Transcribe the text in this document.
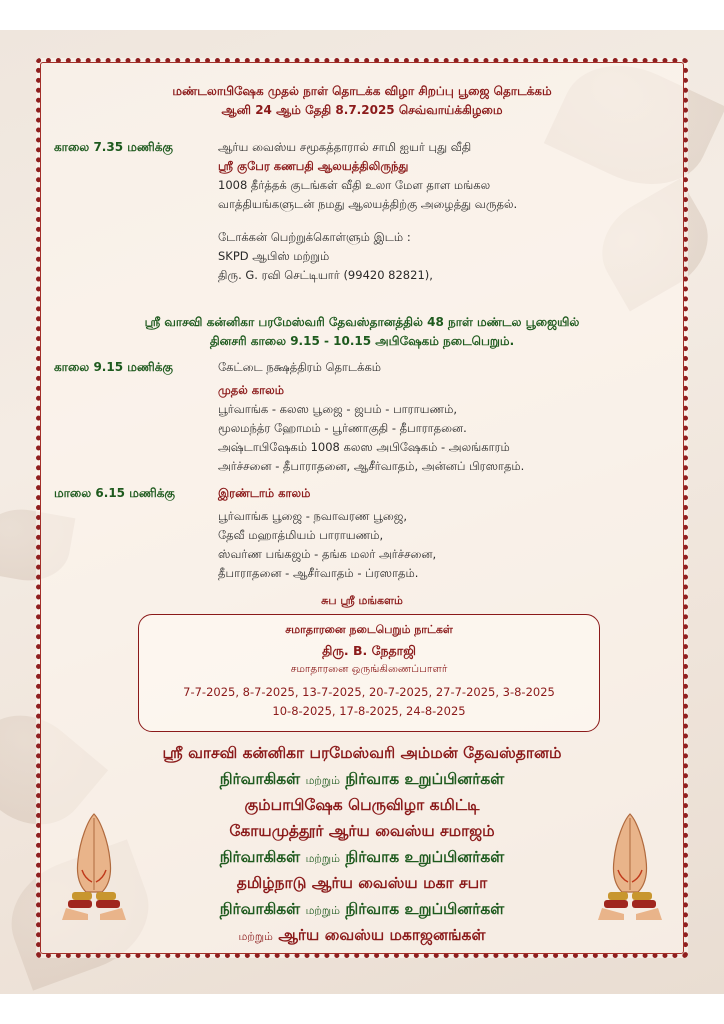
மண்டலாபிஷேக முதல் நாள் தொடக்க விழா சிறப்பு பூஜை தொடக்கம்
ஆனி 24 ஆம் தேதி 8.7.2025 செவ்வாய்க்கிழமை
காலை 7.35 மணிக்கு	ஆர்ய வைஸ்ய சமூகத்தாரால் சாமி ஐயர் புது வீதி
ஸ்ரீ குபேர கணபதி ஆலயத்திலிருந்து
1008 தீர்த்தக் குடங்கள் வீதி உலா மேள தாள மங்கல
வாத்தியங்களுடன் நமது ஆலயத்திற்கு அழைத்து வருதல்.
டோக்கன் பெற்றுக்கொள்ளும் இடம் :
SKPD ஆபிஸ் மற்றும்
திரு. G. ரவி செட்டியார் (99420 82821),
ஸ்ரீ வாசவி கன்னிகா பரமேஸ்வரி தேவஸ்தானத்தில் 48 நாள் மண்டல பூஜையில்
தினசரி காலை 9.15 - 10.15 அபிஷேகம் நடைபெறும்.
காலை 9.15 மணிக்கு	கேட்டை நக்ஷத்திரம் தொடக்கம்
முதல் காலம்
பூர்வாங்க - கலஸ பூஜை - ஜபம் - பாராயணம்,
மூலமந்த்ர ஹோமம் - பூர்ணாகுதி - தீபாராதனை.
அஷ்டாபிஷேகம் 1008 கலஸ அபிஷேகம் - அலங்காரம்
அர்ச்சனை - தீபாராதனை, ஆசீர்வாதம், அன்னப் பிரஸாதம்.
மாலை 6.15 மணிக்கு	இரண்டாம் காலம்
பூர்வாங்க பூஜை - நவாவரண பூஜை,
தேவீ மஹாத்மியம் பாராயணம்,
ஸ்வர்ண பங்கஜம் - தங்க மலர் அர்ச்சனை,
தீபாராதனை - ஆசீர்வாதம் - ப்ரஸாதம்.
சுப ஸ்ரீ மங்களம்
சமாதாரனை நடைபெறும் நாட்கள்
திரு. B. நேதாஜி
சமாதாரனை ஒருங்கிணைப்பாளர்
7-7-2025, 8-7-2025, 13-7-2025, 20-7-2025, 27-7-2025, 3-8-2025
10-8-2025, 17-8-2025, 24-8-2025
ஸ்ரீ வாசவி கன்னிகா பரமேஸ்வரி அம்மன் தேவஸ்தானம்
நிர்வாகிகள் மற்றும் நிர்வாக உறுப்பினர்கள்
கும்பாபிஷேக பெருவிழா கமிட்டி
கோயமுத்தூர் ஆர்ய வைஸ்ய சமாஜம்
நிர்வாகிகள் மற்றும் நிர்வாக உறுப்பினர்கள்
தமிழ்நாடு ஆர்ய வைஸ்ய மகா சபா
நிர்வாகிகள் மற்றும் நிர்வாக உறுப்பினர்கள்
மற்றும் ஆர்ய வைஸ்ய மகாஜனங்கள்
